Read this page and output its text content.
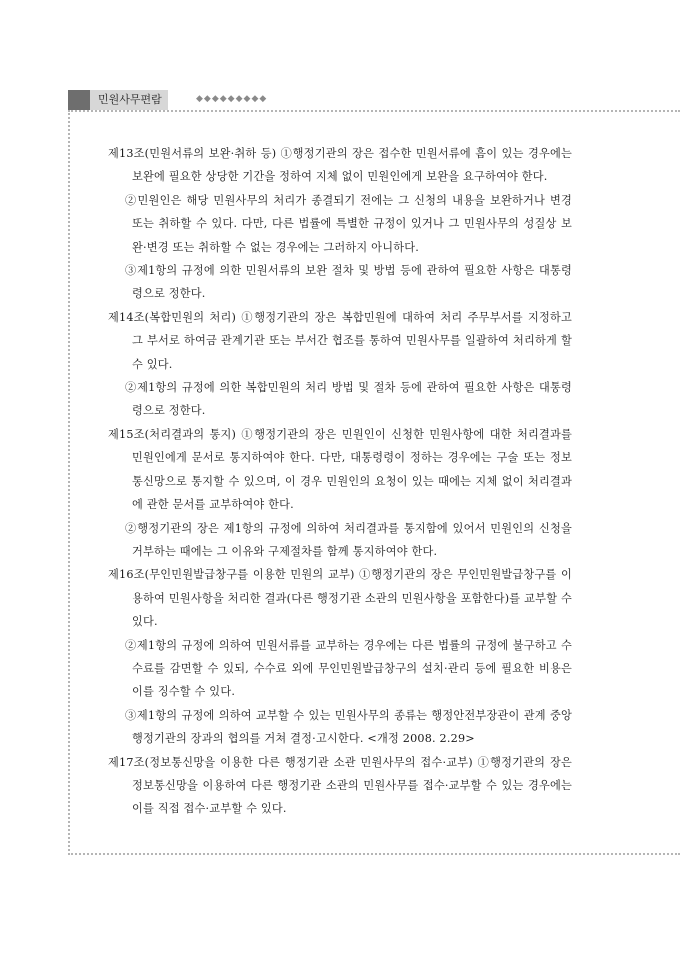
민원사무편람	◆◆◆◆◆◆◆◆◆

제13조(민원서류의 보완·취하 등) ①행정기관의 장은 접수한 민원서류에 흠이 있는 경우에는 보완에 필요한 상당한 기간을 정하여 지체 없이 민원인에게 보완을 요구하여야 한다.

②민원인은 해당 민원사무의 처리가 종결되기 전에는 그 신청의 내용을 보완하거나 변경 또는 취하할 수 있다. 다만, 다른 법률에 특별한 규정이 있거나 그 민원사무의 성질상 보완·변경 또는 취하할 수 없는 경우에는 그러하지 아니하다.

③제1항의 규정에 의한 민원서류의 보완 절차 및 방법 등에 관하여 필요한 사항은 대통령령으로 정한다.

제14조(복합민원의 처리) ①행정기관의 장은 복합민원에 대하여 처리 주무부서를 지정하고 그 부서로 하여금 관계기관 또는 부서간 협조를 통하여 민원사무를 일괄하여 처리하게 할 수 있다.

②제1항의 규정에 의한 복합민원의 처리 방법 및 절차 등에 관하여 필요한 사항은 대통령령으로 정한다.

제15조(처리결과의 통지) ①행정기관의 장은 민원인이 신청한 민원사항에 대한 처리결과를 민원인에게 문서로 통지하여야 한다. 다만, 대통령령이 정하는 경우에는 구술 또는 정보통신망으로 통지할 수 있으며, 이 경우 민원인의 요청이 있는 때에는 지체 없이 처리결과에 관한 문서를 교부하여야 한다.

②행정기관의 장은 제1항의 규정에 의하여 처리결과를 통지함에 있어서 민원인의 신청을 거부하는 때에는 그 이유와 구제절차를 함께 통지하여야 한다.

제16조(무인민원발급창구를 이용한 민원의 교부) ①행정기관의 장은 무인민원발급창구를 이용하여 민원사항을 처리한 결과(다른 행정기관 소관의 민원사항을 포함한다)를 교부할 수 있다.

②제1항의 규정에 의하여 민원서류를 교부하는 경우에는 다른 법률의 규정에 불구하고 수수료를 감면할 수 있되, 수수료 외에 무인민원발급창구의 설치·관리 등에 필요한 비용은 이를 징수할 수 있다.

③제1항의 규정에 의하여 교부할 수 있는 민원사무의 종류는 행정안전부장관이 관계 중앙행정기관의 장과의 협의를 거쳐 결정·고시한다. <개정 2008. 2.29>

제17조(정보통신망을 이용한 다른 행정기관 소관 민원사무의 접수·교부) ①행정기관의 장은 정보통신망을 이용하여 다른 행정기관 소관의 민원사무를 접수·교부할 수 있는 경우에는 이를 직접 접수·교부할 수 있다.
